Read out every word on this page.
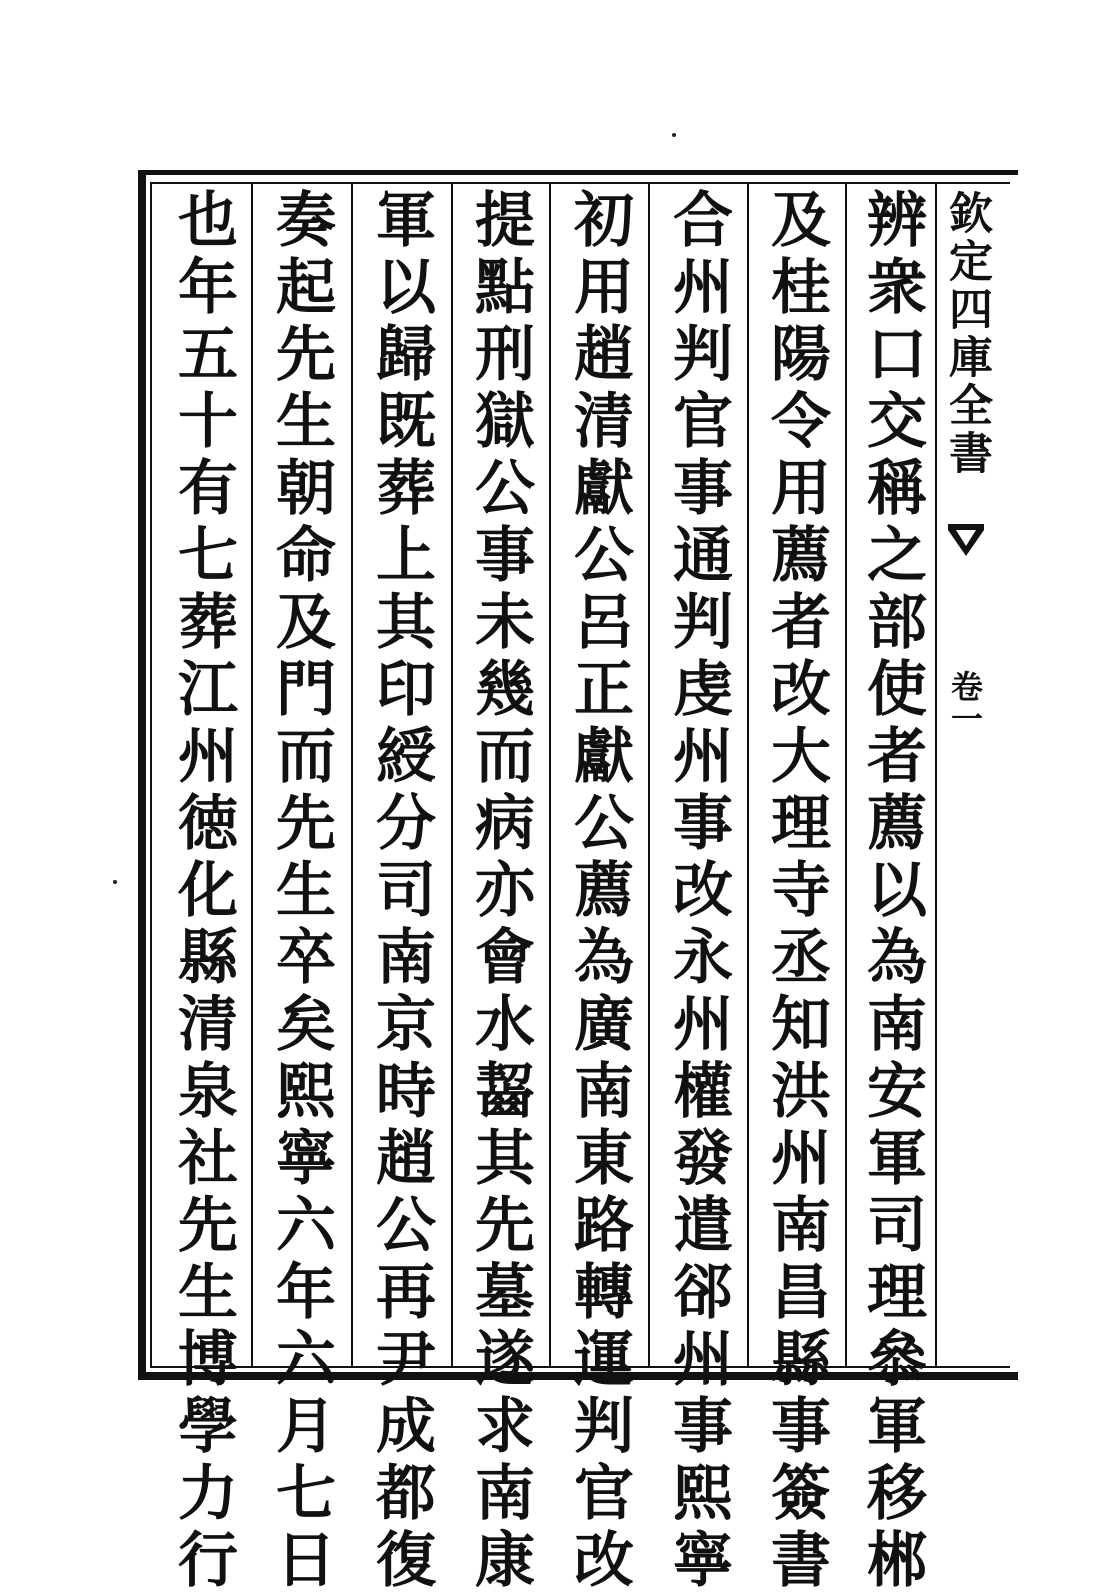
欽定四庫全書
卷一
辨衆口交稱之部使者薦以為南安軍司理叅軍移郴
及桂陽令用薦者改大理寺丞知洪州南昌縣事簽書
合州判官事通判虔州事改永州權發遣郤州事熙寧
初用趙清獻公呂正獻公薦為廣南東路轉運判官改
提點刑獄公事未幾而病亦會水齧其先墓遂求南康
軍以歸既葬上其印綬分司南京時趙公再尹成都復
奏起先生朝命及門而先生卒矣熙寧六年六月七日
也年五十有七葬江州徳化縣清泉社先生博學力行
